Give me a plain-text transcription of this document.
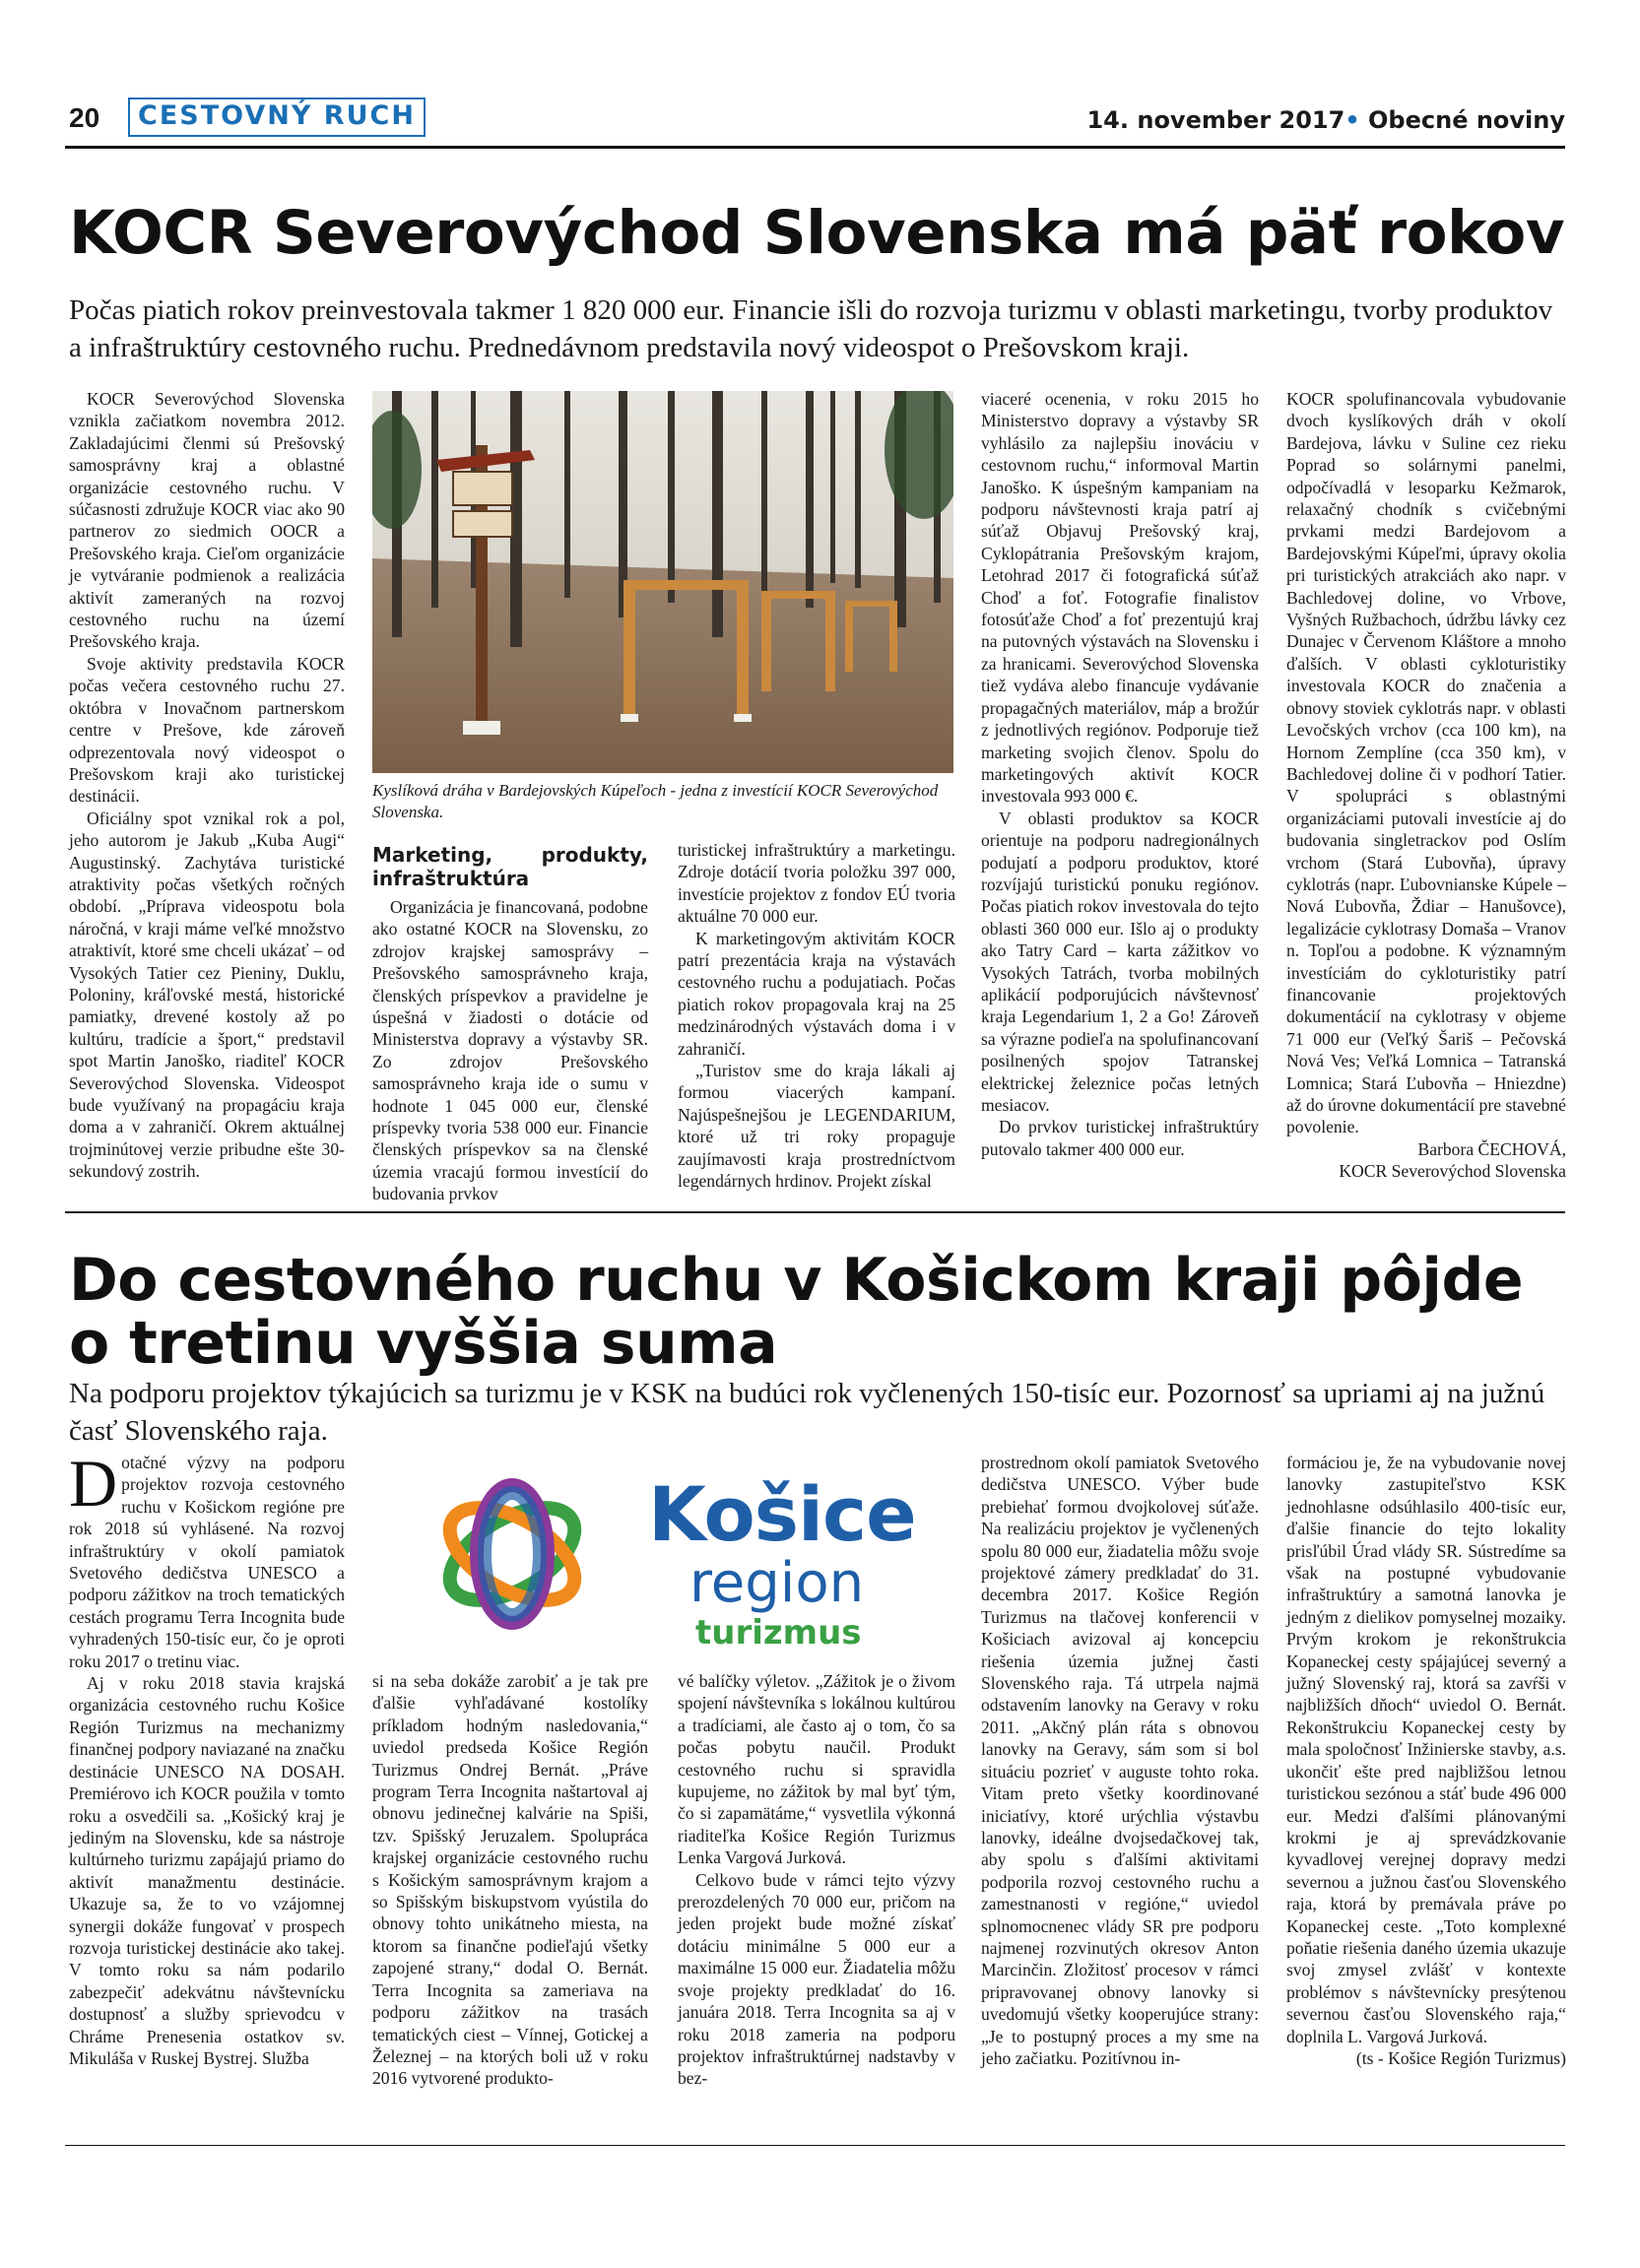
20	CESTOVNÝ RUCH	14. november 2017• Obecné noviny
KOCR Severovýchod Slovenska má päť rokov
Počas piatich rokov preinvestovala takmer 1 820 000 eur. Financie išli do rozvoja turizmu v oblasti marketingu, tvorby produktov a infraštruktúry cestovného ruchu. Prednedávnom predstavila nový videospot o Prešovskom kraji.

KOCR Severovýchod Slovenska vznikla začiatkom novembra 2012. Zakladajúcimi členmi sú Prešovský samosprávny kraj a oblastné organizácie cestovného ruchu. V súčasnosti združuje KOCR viac ako 90 partnerov zo siedmich OOCR a Prešovského kraja. Cieľom organizácie je vytváranie podmienok a realizácia aktivít zameraných na rozvoj cestovného ruchu na území Prešovského kraja.

Svoje aktivity predstavila KOCR počas večera cestovného ruchu 27. októbra v Inovačnom partnerskom centre v Prešove, kde zároveň odprezentovala nový videospot o Prešovskom kraji ako turistickej destinácii.

Oficiálny spot vznikal rok a pol, jeho autorom je Jakub „Kuba Augi“ Augustinský. Zachytáva turistické atraktivity počas všetkých ročných období. „Príprava videospotu bola náročná, v kraji máme veľké množstvo atraktivít, ktoré sme chceli ukázať – od Vysokých Tatier cez Pieniny, Duklu, Poloniny, kráľovské mestá, historické pamiatky, drevené kostoly až po kultúru, tradície a šport,“ predstavil spot Martin Janoško, riaditeľ KOCR Severovýchod Slovenska. Videospot bude využívaný na propagáciu kraja doma a v zahraničí. Okrem aktuálnej trojminútovej verzie pribudne ešte 30-sekundový zostrih.

Kyslíková dráha v Bardejovských Kúpeľoch - jedna z investícií KOCR Severovýchod Slovenska.
Marketing, produkty, infraštruktúra

Organizácia je financovaná, podobne ako ostatné KOCR na Slovensku, zo zdrojov krajskej samosprávy – Prešovského samosprávneho kraja, členských príspevkov a pravidelne je úspešná v žiadosti o dotácie od Ministerstva dopravy a výstavby SR. Zo zdrojov Prešovského samosprávneho kraja ide o sumu v hodnote 1 045 000 eur, členské príspevky tvoria 538 000 eur. Financie členských príspevkov sa na členské územia vracajú formou investícií do budovania prvkov

turistickej infraštruktúry a marketingu. Zdroje dotácií tvoria položku 397 000, investície projektov z fondov EÚ tvoria aktuálne 70 000 eur.

K marketingovým aktivitám KOCR patrí prezentácia kraja na výstavách cestovného ruchu a podujatiach. Počas piatich rokov propagovala kraj na 25 medzinárodných výstavách doma i v zahraničí.

„Turistov sme do kraja lákali aj formou viacerých kampaní. Najúspešnejšou je LEGENDARIUM, ktoré už tri roky propaguje zaujímavosti kraja prostredníctvom legendárnych hrdinov. Projekt získal

viaceré ocenenia, v roku 2015 ho Ministerstvo dopravy a výstavby SR vyhlásilo za najlepšiu inováciu v cestovnom ruchu,“ informoval Martin Janoško. K úspešným kampaniam na podporu návštevnosti kraja patrí aj súťaž Objavuj Prešovský kraj, Cyklopátrania Prešovským krajom, Letohrad 2017 či fotografická súťaž Choď a foť. Fotografie finalistov fotosúťaže Choď a foť prezentujú kraj na putovných výstavách na Slovensku i za hranicami. Severovýchod Slovenska tiež vydáva alebo financuje vydávanie propagačných materiálov, máp a brožúr z jednotlivých regiónov. Podporuje tiež marketing svojich členov. Spolu do marketingových aktivít KOCR investovala 993 000 €.

V oblasti produktov sa KOCR orientuje na podporu nadregionálnych podujatí a podporu produktov, ktoré rozvíjajú turistickú ponuku regiónov. Počas piatich rokov investovala do tejto oblasti 360 000 eur. Išlo aj o produkty ako Tatry Card – karta zážitkov vo Vysokých Tatrách, tvorba mobilných aplikácií podporujúcich návštevnosť kraja Legendarium 1, 2 a Go! Zároveň sa výrazne podieľa na spolufinancovaní posilnených spojov Tatranskej elektrickej železnice počas letných mesiacov.

Do prvkov turistickej infraštruktúry putovalo takmer 400 000 eur.

KOCR spolufinancovala vybudovanie dvoch kyslíkových dráh v okolí Bardejova, lávku v Suline cez rieku Poprad so solárnymi panelmi, odpočívadlá v lesoparku Kežmarok, relaxačný chodník s cvičebnými prvkami medzi Bardejovom a Bardejovskými Kúpeľmi, úpravy okolia pri turistických atrakciách ako napr. v Bachledovej doline, vo Vrbove, Vyšných Ružbachoch, údržbu lávky cez Dunajec v Červenom Kláštore a mnoho ďalších. V oblasti cykloturistiky investovala KOCR do značenia a obnovy stoviek cyklotrás napr. v oblasti Levočských vrchov (cca 100 km), na Hornom Zemplíne (cca 350 km), v Bachledovej doline či v podhorí Tatier. V spolupráci s oblastnými organizáciami putovali investície aj do budovania singletrackov pod Oslím vrchom (Stará Ľubovňa), úpravy cyklotrás (napr. Ľubovnianske Kúpele – Nová Ľubovňa, Ždiar – Hanušovce), legalizácie cyklotrasy Domaša – Vranov n. Topľou a podobne. K významným investíciám do cykloturistiky patrí financovanie projektových dokumentácií na cyklotrasy v objeme 71 000 eur (Veľký Šariš – Pečovská Nová Ves; Veľká Lomnica – Tatranská Lomnica; Stará Ľubovňa – Hniezdne) až do úrovne dokumentácií pre stavebné povolenie.

Barbora ČECHOVÁ,

KOCR Severovýchod Slovenska

Do cestovného ruchu v Košickom kraji pôjde
o tretinu vyššia suma
Na podporu projektov týkajúcich sa turizmu je v KSK na budúci rok vyčlenených 150-tisíc eur. Pozornosť sa upriami aj na južnú časť Slovenského raja.
D otačné výzvy na podporu projektov rozvoja cestovného ruchu v Košickom regióne pre rok 2018 sú vyhlásené. Na rozvoj infraštruktúry v okolí pamiatok Svetového dedičstva UNESCO a podporu zážitkov na troch tematických cestách programu Terra Incognita bude vyhradených 150-tisíc eur, čo je oproti roku 2017 o tretinu viac.

Aj v roku 2018 stavia krajská organizácia cestovného ruchu Košice Región Turizmus na mechanizmy finančnej podpory naviazané na značku destinácie UNESCO NA DOSAH. Premiérovo ich KOCR použila v tomto roku a osvedčili sa. „Košický kraj je jediným na Slovensku, kde sa nástroje kultúrneho turizmu zapájajú priamo do aktivít manažmentu destinácie. Ukazuje sa, že to vo vzájomnej synergii dokáže fungovať v prospech rozvoja turistickej destinácie ako takej. V tomto roku sa nám podarilo zabezpečiť adekvátnu návštevnícku dostupnosť a služby sprievodcu v Chráme Prenesenia ostatkov sv. Mikuláša v Ruskej Bystrej. Služba

Košice
region
turizmus

si na seba dokáže zarobiť a je tak pre ďalšie vyhľadávané kostolíky príkladom hodným nasledovania,“ uviedol predseda Košice Región Turizmus Ondrej Bernát. „Práve program Terra Incognita naštartoval aj obnovu jedinečnej kalvárie na Spiši, tzv. Spišský Jeruzalem. Spolupráca krajskej organizácie cestovného ruchu s Košickým samosprávnym krajom a so Spišským biskupstvom vyústila do obnovy tohto unikátneho miesta, na ktorom sa finančne podieľajú všetky zapojené strany,“ dodal O. Bernát. Terra Incognita sa zameriava na podporu zážitkov na trasách tematických ciest – Vínnej, Gotickej a Železnej – na ktorých boli už v roku 2016 vytvorené produkto-

vé balíčky výletov. „Zážitok je o živom spojení návštevníka s lokálnou kultúrou a tradíciami, ale často aj o tom, čo sa počas pobytu naučil. Produkt cestovného ruchu si spravidla kupujeme, no zážitok by mal byť tým, čo si zapamätáme,“ vysvetlila výkonná riaditeľka Košice Región Turizmus Lenka Vargová Jurková.

Celkovo bude v rámci tejto výzvy prerozdelených 70 000 eur, pričom na jeden projekt bude možné získať dotáciu minimálne 5 000 eur a maximálne 15 000 eur. Žiadatelia môžu svoje projekty predkladať do 16. januára 2018. Terra Incognita sa aj v roku 2018 zameria na podporu projektov infraštruktúrnej nadstavby v bez-

prostrednom okolí pamiatok Svetového dedičstva UNESCO. Výber bude prebiehať formou dvojkolovej súťaže. Na realizáciu projektov je vyčlenených spolu 80 000 eur, žiadatelia môžu svoje projektové zámery predkladať do 31. decembra 2017. Košice Región Turizmus na tlačovej konferencii v Košiciach avizoval aj koncepciu riešenia územia južnej časti Slovenského raja. Tá utrpela najmä odstavením lanovky na Geravy v roku 2011. „Akčný plán rátа s obnovou lanovky na Geravy, sám som si bol situáciu pozrieť v auguste tohto roka. Vitam preto všetky koordinované iniciatívy, ktoré urýchlia výstavbu lanovky, ideálne dvojsedačkovej tak, aby spolu s ďalšími aktivitami podporila rozvoj cestovného ruchu a zamestnanosti v regióne,“ uviedol splnomocnenec vlády SR pre podporu najmenej rozvinutých okresov Anton Marcinčin. Zložitosť procesov v rámci pripravovanej obnovy lanovky si uvedomujú všetky kooperujúce strany: „Je to postupný proces a my sme na jeho začiatku. Pozitívnou in-

formáciou je, že na vybudovanie novej lanovky zastupiteľstvo KSK jednohlasne odsúhlasilo 400-tisíc eur, ďalšie financie do tejto lokality prisľúbil Úrad vlády SR. Sústredíme sa však na postupné vybudovanie infraštruktúry a samotná lanovka je jedným z dielikov pomyselnej mozaiky. Prvým krokom je rekonštrukcia Kopaneckej cesty spájajúcej severný a južný Slovenský raj, ktorá sa zavŕši v najbližších dňoch“ uviedol O. Bernát. Rekonštrukciu Kopaneckej cesty by mala spoločnosť Inžinierske stavby, a.s. ukončiť ešte pred najbližšou letnou turistickou sezónou a stáť bude 496 000 eur. Medzi ďalšími plánovanými krokmi je aj sprevádzkovanie kyvadlovej verejnej dopravy medzi severnou a južnou časťou Slovenského raja, ktorá by premávala práve po Kopaneckej ceste. „Toto komplexné poňatie riešenia daného územia ukazuje svoj zmysel zvlášť v kontexte problémov s návštevnícky presýtenou severnou časťou Slovenského raja,“ doplnila L. Vargová Jurková.

(ts - Košice Región Turizmus)
